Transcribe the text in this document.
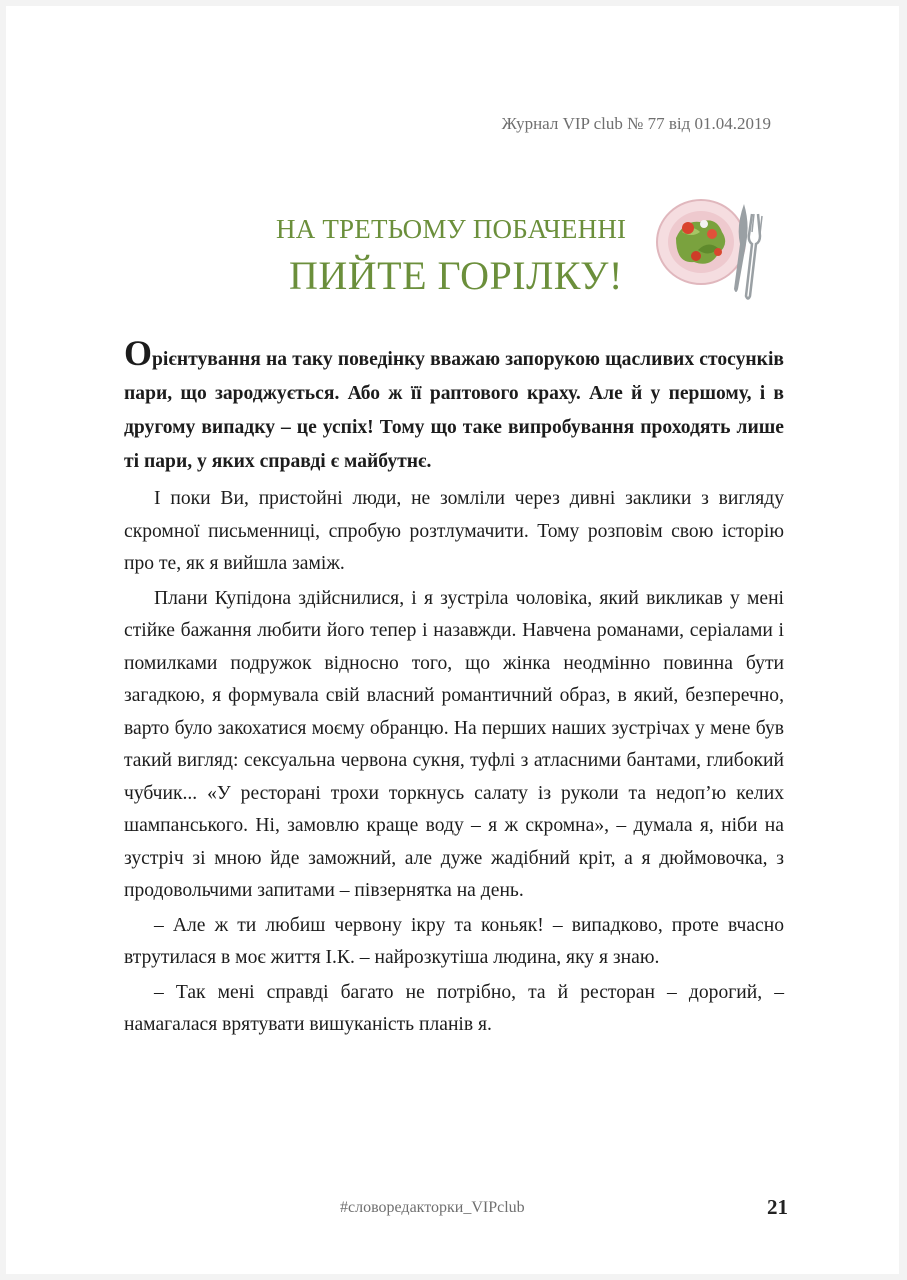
Журнал VIP club № 77 від 01.04.2019
НА ТРЕТЬОМУ ПОБАЧЕННІ
ПИЙТЕ ГОРІЛКУ!

Орієнтування на таку поведінку вважаю запорукою щасливих стосунків пари, що зароджується. Або ж її раптового краху. Але й у першому, і в другому випадку – це успіх! Тому що таке випробування проходять лише ті пари, у яких справді є майбутнє.

І поки Ви, пристойні люди, не зомліли через дивні заклики з вигляду скромної письменниці, спробую розтлумачити. Тому розповім свою історію про те, як я вийшла заміж.

Плани Купідона здійснилися, і я зустріла чоловіка, який викликав у мені стійке бажання любити його тепер і назавжди. Навчена романами, серіалами і помилками подружок відносно того, що жінка неодмінно повинна бути загадкою, я формувала свій власний романтичний образ, в який, безперечно, варто було закохатися моєму обранцю. На перших наших зустрічах у мене був такий вигляд: сексуальна червона сукня, туфлі з атласними бантами, глибокий чубчик... «У ресторані трохи торкнусь салату із руколи та недоп’ю келих шампанського. Ні, замовлю краще воду – я ж скромна», – думала я, ніби на зустріч зі мною йде заможний, але дуже жадібний кріт, а я дюймовочка, з продовольчими запитами – півзернятка на день.

– Але ж ти любиш червону ікру та коньяк! – випадково, проте вчасно втрутилася в моє життя І.К. – найрозкутіша людина, яку я знаю.

– Так мені справді багато не потрібно, та й ресторан – дорогий, – намагалася врятувати вишуканість планів я.

#словоредакторки_VIPclub	21
